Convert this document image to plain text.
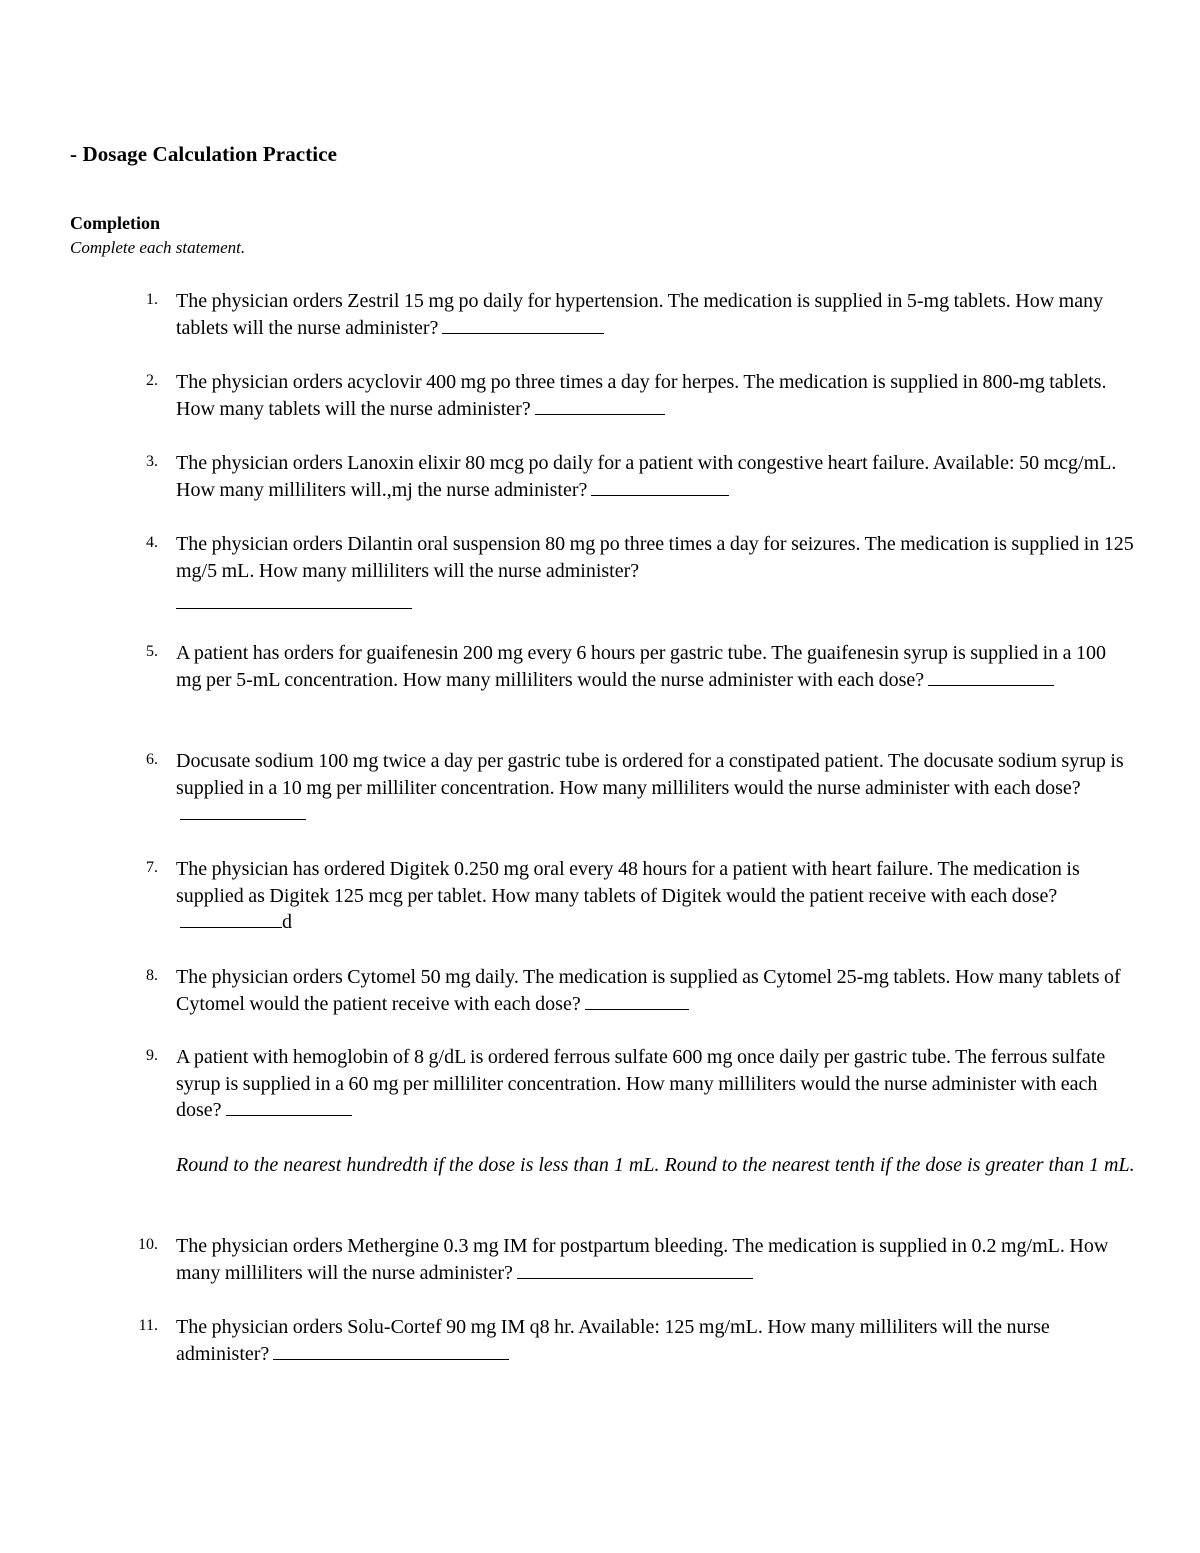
- Dosage Calculation Practice
Completion
Complete each statement.
1. The physician orders Zestril 15 mg po daily for hypertension. The medication is supplied in 5-mg tablets. How many tablets will the nurse administer?
2. The physician orders acyclovir 400 mg po three times a day for herpes. The medication is supplied in 800-mg tablets. How many tablets will the nurse administer?
3. The physician orders Lanoxin elixir 80 mcg po daily for a patient with congestive heart failure. Available: 50 mcg/mL. How many milliliters will.,mj the nurse administer?
4. The physician orders Dilantin oral suspension 80 mg po three times a day for seizures. The medication is supplied in 125 mg/5 mL. How many milliliters will the nurse administer?
5. A patient has orders for guaifenesin 200 mg every 6 hours per gastric tube. The guaifenesin syrup is supplied in a 100 mg per 5-mL concentration. How many milliliters would the nurse administer with each dose?
6. Docusate sodium 100 mg twice a day per gastric tube is ordered for a constipated patient. The docusate sodium syrup is supplied in a 10 mg per milliliter concentration. How many milliliters would the nurse administer with each dose?
7. The physician has ordered Digitek 0.250 mg oral every 48 hours for a patient with heart failure. The medication is supplied as Digitek 125 mcg per tablet. How many tablets of Digitek would the patient receive with each dose?d
8. The physician orders Cytomel 50 mg daily. The medication is supplied as Cytomel 25-mg tablets. How many tablets of Cytomel would the patient receive with each dose?
9. A patient with hemoglobin of 8 g/dL is ordered ferrous sulfate 600 mg once daily per gastric tube. The ferrous sulfate syrup is supplied in a 60 mg per milliliter concentration. How many milliliters would the nurse administer with each dose?
Round to the nearest hundredth if the dose is less than 1 mL. Round to the nearest tenth if the dose is greater than 1 mL.
10. The physician orders Methergine 0.3 mg IM for postpartum bleeding. The medication is supplied in 0.2 mg/mL. How many milliliters will the nurse administer?
11. The physician orders Solu-Cortef 90 mg IM q8 hr. Available: 125 mg/mL. How many milliliters will the nurse administer?
